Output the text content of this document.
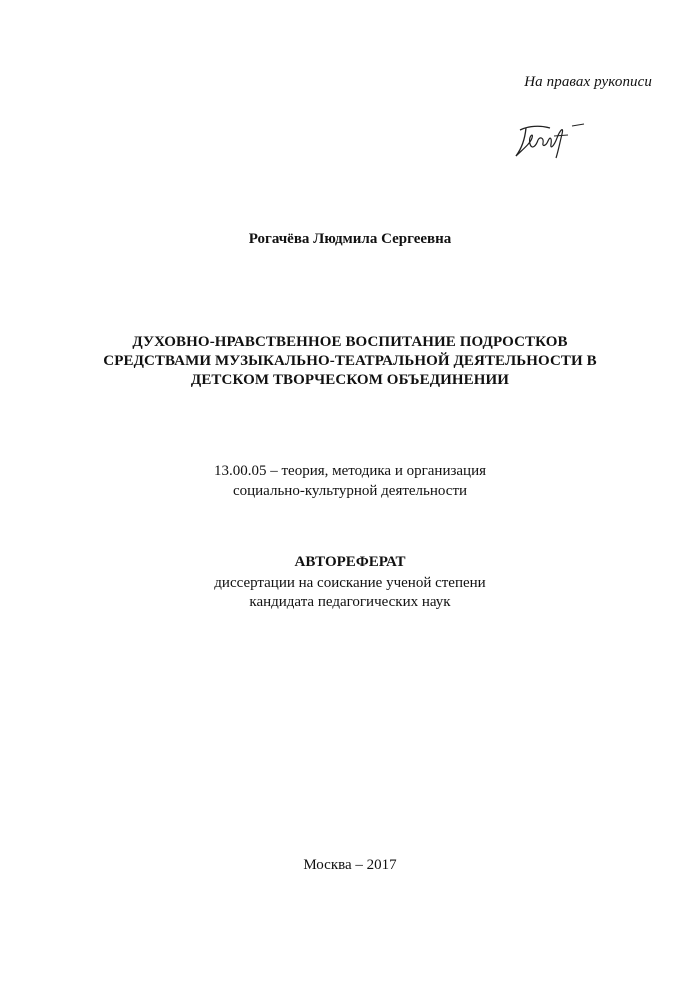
На правах рукописи
Рогачёва Людмила Сергеевна
ДУХОВНО-НРАВСТВЕННОЕ ВОСПИТАНИЕ ПОДРОСТКОВ
СРЕДСТВАМИ МУЗЫКАЛЬНО-ТЕАТРАЛЬНОЙ ДЕЯТЕЛЬНОСТИ В
ДЕТСКОМ ТВОРЧЕСКОМ ОБЪЕДИНЕНИИ
13.00.05 – теория, методика и организация
социально-культурной деятельности
АВТОРЕФЕРАТ
диссертации на соискание ученой степени
кандидата педагогических наук
Москва – 2017
